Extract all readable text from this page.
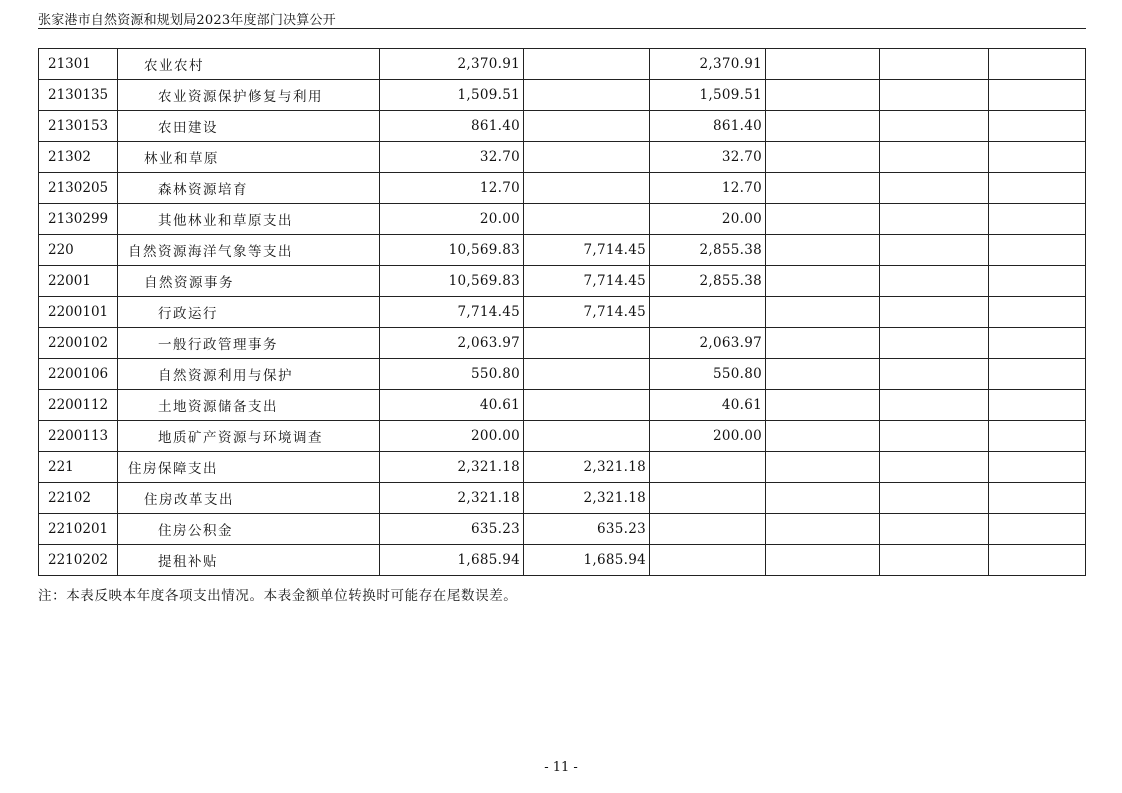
张家港市自然资源和规划局2023年度部门决算公开
21301	农业农村	2,370.91		2,370.91			
2130135	农业资源保护修复与利用	1,509.51		1,509.51			
2130153	农田建设	861.40		861.40			
21302	林业和草原	32.70		32.70			
2130205	森林资源培育	12.70		12.70			
2130299	其他林业和草原支出	20.00		20.00			
220	自然资源海洋气象等支出	10,569.83	7,714.45	2,855.38			
22001	自然资源事务	10,569.83	7,714.45	2,855.38			
2200101	行政运行	7,714.45	7,714.45				
2200102	一般行政管理事务	2,063.97		2,063.97			
2200106	自然资源利用与保护	550.80		550.80			
2200112	土地资源储备支出	40.61		40.61			
2200113	地质矿产资源与环境调查	200.00		200.00			
221	住房保障支出	2,321.18	2,321.18				
22102	住房改革支出	2,321.18	2,321.18				
2210201	住房公积金	635.23	635.23				
2210202	提租补贴	1,685.94	1,685.94				
注：本表反映本年度各项支出情况。本表金额单位转换时可能存在尾数误差。
- 11 -
